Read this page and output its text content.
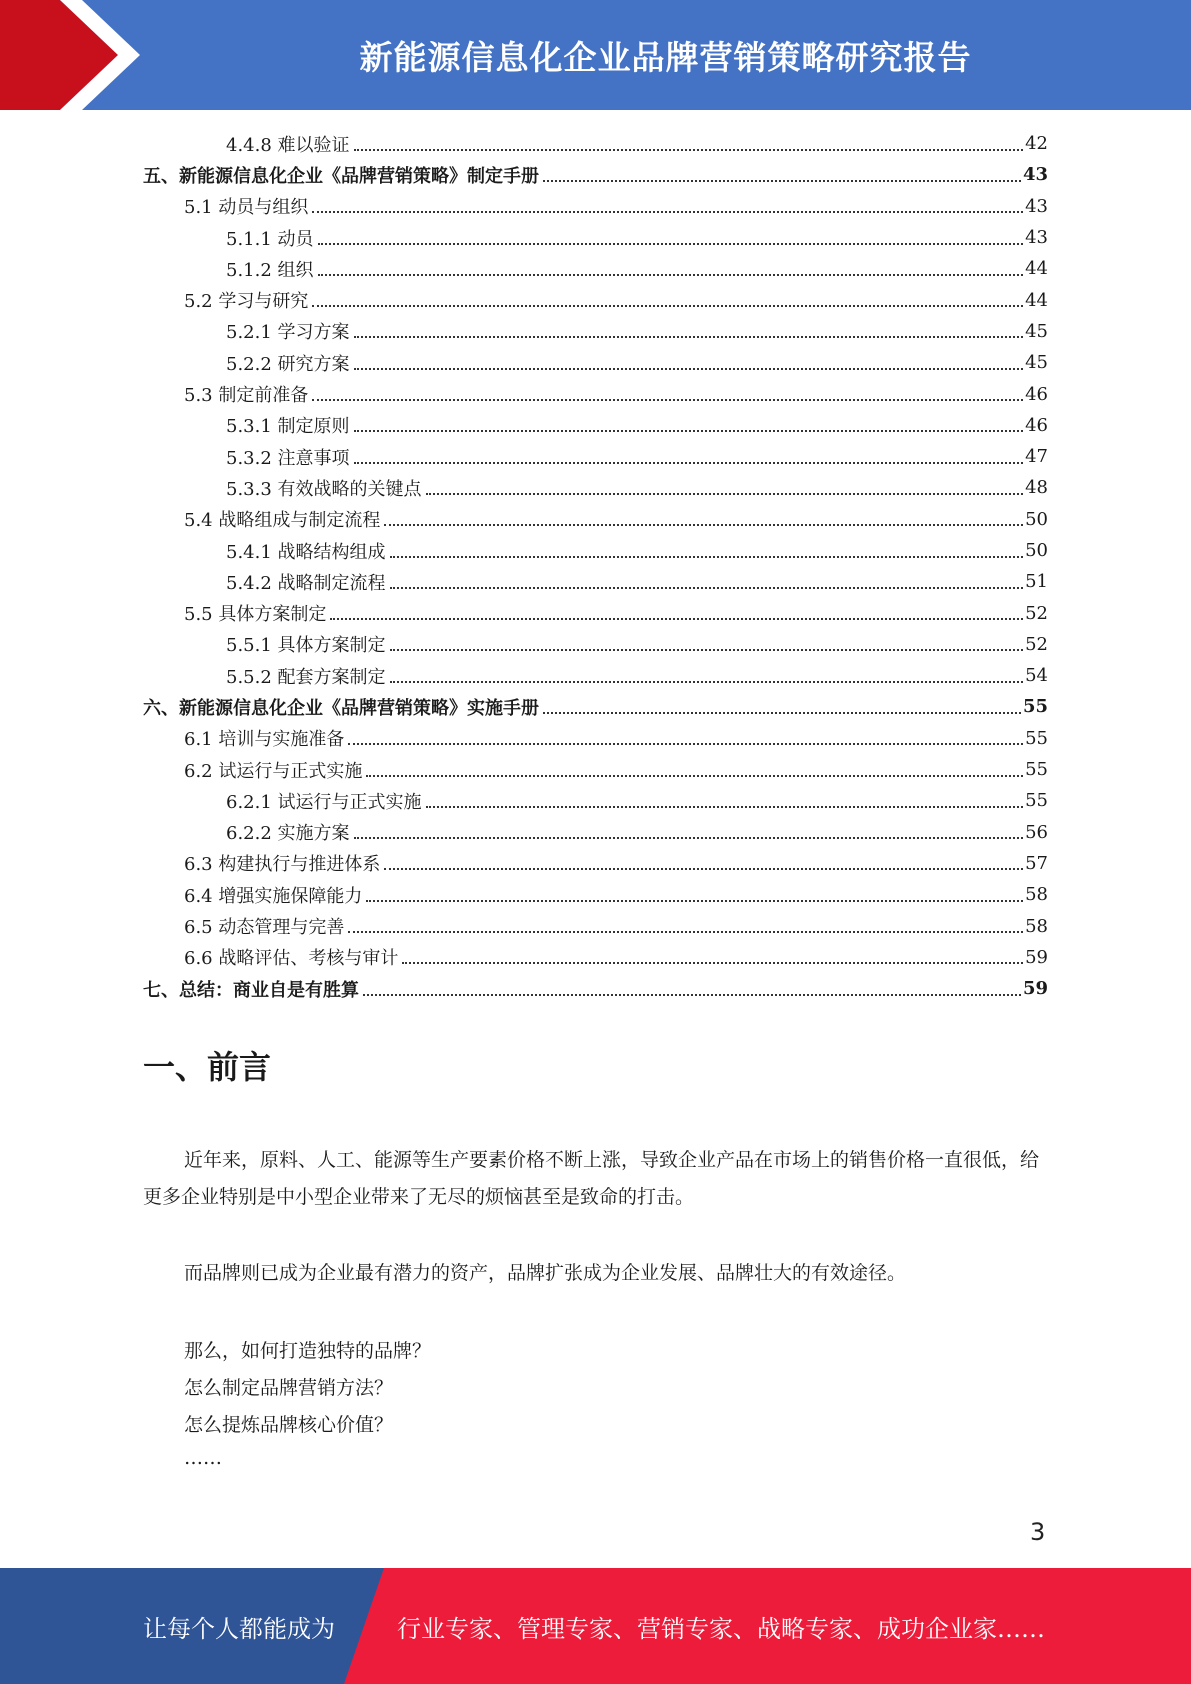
新能源信息化企业品牌营销策略研究报告
4.4.8 难以验证	42
五、新能源信息化企业《品牌营销策略》制定手册	43
5.1 动员与组织	43
5.1.1 动员	43
5.1.2 组织	44
5.2 学习与研究	44
5.2.1 学习方案	45
5.2.2 研究方案	45
5.3 制定前准备	46
5.3.1 制定原则	46
5.3.2 注意事项	47
5.3.3 有效战略的关键点	48
5.4 战略组成与制定流程	50
5.4.1 战略结构组成	50
5.4.2 战略制定流程	51
5.5 具体方案制定	52
5.5.1 具体方案制定	52
5.5.2 配套方案制定	54
六、新能源信息化企业《品牌营销策略》实施手册	55
6.1 培训与实施准备	55
6.2 试运行与正式实施	55
6.2.1 试运行与正式实施	55
6.2.2 实施方案	56
6.3 构建执行与推进体系	57
6.4 增强实施保障能力	58
6.5 动态管理与完善	58
6.6 战略评估、考核与审计	59
七、总结：商业自是有胜算	59
一、前言
近年来，原料、人工、能源等生产要素价格不断上涨，导致企业产品在市场上的销售价格一直很低，给更多企业特别是中小型企业带来了无尽的烦恼甚至是致命的打击。
而品牌则已成为企业最有潜力的资产，品牌扩张成为企业发展、品牌壮大的有效途径。
那么，如何打造独特的品牌？
怎么制定品牌营销方法？
怎么提炼品牌核心价值？
……
3
让每个人都能成为	行业专家、管理专家、营销专家、战略专家、成功企业家……
